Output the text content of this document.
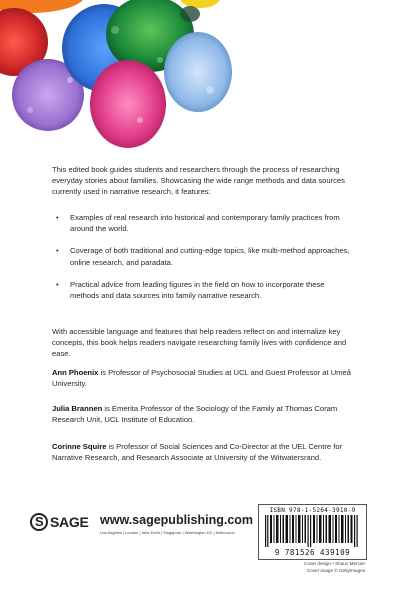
This edited book guides students and researchers through the process of researching everyday stories about families. Showcasing the wide range methods and data sources currently used in narrative research, it features:

• Examples of real research into historical and contemporary family practices from around the world.
• Coverage of both traditional and cutting-edge topics, like multi-method approaches, online research, and paradata.
• Practical advice from leading figures in the field on how to incorporate these methods and data sources into family narrative research.

With accessible language and features that help readers reflect on and internalize key concepts, this book helps readers navigate researching family lives with confidence and ease.

Ann Phoenix is Professor of Psychosocial Studies at UCL and Guest Professor at Umeå University.

Julia Brannen is Emerita Professor of the Sociology of the Family at Thomas Coram Research Unit, UCL Institute of Education.

Corinne Squire is Professor of Social Sciences and Co-Director at the UEL Centre for Narrative Research, and Research Associate at University of the Witwatersrand.

S SAGE www.sagepublishing.com
Los Angeles | London | New Delhi | Singapore | Washington DC | Melbourne
ISBN 978-1-5264-3910-9
9 781526 439109
Cover design • Shaun Mercier
Cover image © GettyImages
